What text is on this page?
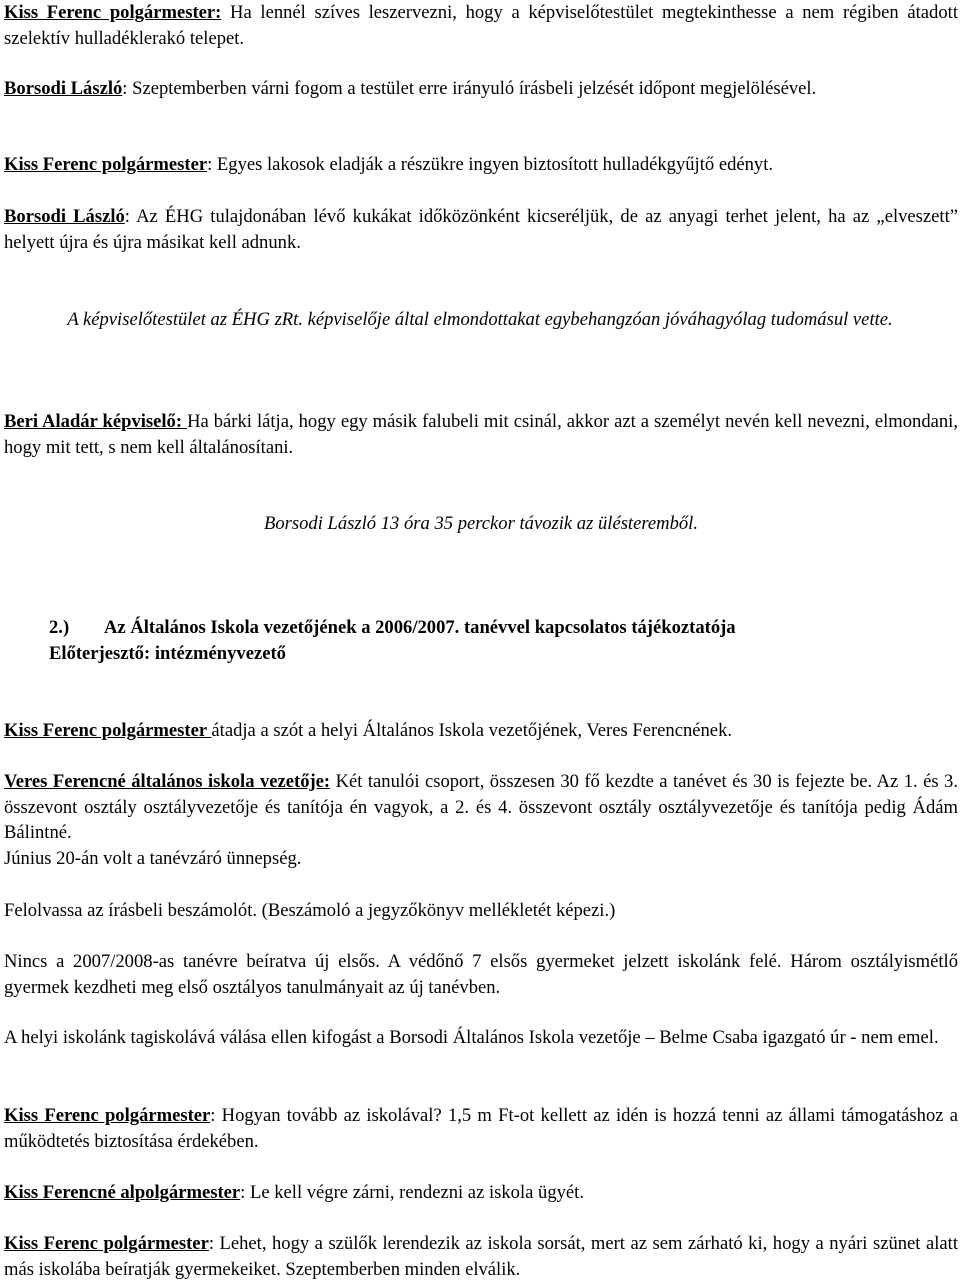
Kiss Ferenc polgármester: Ha lennél szíves leszervezni, hogy a képviselőtestület megtekinthesse a nem régiben átadott szelektív hulladéklerakó telepet.

Borsodi László: Szeptemberben várni fogom a testület erre irányuló írásbeli jelzését időpont megjelölésével.

Kiss Ferenc polgármester: Egyes lakosok eladják a részükre ingyen biztosított hulladékgyűjtő edényt.

Borsodi László: Az ÉHG tulajdonában lévő kukákat időközönként kicseréljük, de az anyagi terhet jelent, ha az „elveszett” helyett újra és újra másikat kell adnunk.

A képviselőtestület az ÉHG zRt. képviselője által elmondottakat egybehangzóan jóváhagyólag tudomásul vette.

Beri Aladár képviselő: Ha bárki látja, hogy egy másik falubeli mit csinál, akkor azt a személyt nevén kell nevezni, elmondani, hogy mit tett, s nem kell általánosítani.

Borsodi László 13 óra 35 perckor távozik az ülésteremből.

2.) Az Általános Iskola vezetőjének a 2006/2007. tanévvel kapcsolatos tájékoztatója
Előterjesztő: intézményvezető

Kiss Ferenc polgármester átadja a szót a helyi Általános Iskola vezetőjének, Veres Ferencnének.

Veres Ferencné általános iskola vezetője: Két tanulói csoport, összesen 30 fő kezdte a tanévet és 30 is fejezte be. Az 1. és 3. összevont osztály osztályvezetője és tanítója én vagyok, a 2. és 4. összevont osztály osztályvezetője és tanítója pedig Ádám Bálintné.
Június 20-án volt a tanévzáró ünnepség.

Felolvassa az írásbeli beszámolót. (Beszámoló a jegyzőkönyv mellékletét képezi.)

Nincs a 2007/2008-as tanévre beíratva új elsős. A védőnő 7 elsős gyermeket jelzett iskolánk felé. Három osztályismétlő gyermek kezdheti meg első osztályos tanulmányait az új tanévben.

A helyi iskolánk tagiskolává válása ellen kifogást a Borsodi Általános Iskola vezetője – Belme Csaba igazgató úr - nem emel.

Kiss Ferenc polgármester: Hogyan tovább az iskolával? 1,5 m Ft-ot kellett az idén is hozzá tenni az állami támogatáshoz a működtetés biztosítása érdekében.

Kiss Ferencné alpolgármester: Le kell végre zárni, rendezni az iskola ügyét.

Kiss Ferenc polgármester: Lehet, hogy a szülők lerendezik az iskola sorsát, mert az sem zárható ki, hogy a nyári szünet alatt más iskolába beíratják gyermekeiket. Szeptemberben minden elválik.
